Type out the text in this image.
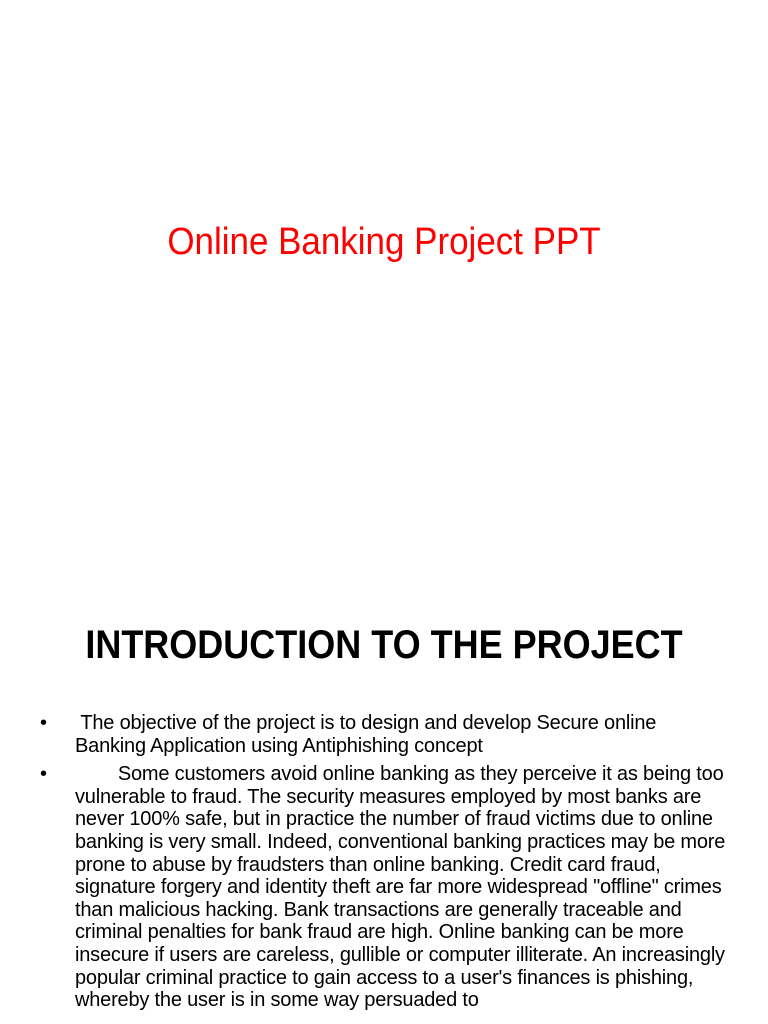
Online Banking Project PPT
INTRODUCTION TO THE PROJECT
•	The objective of the project is to design and develop Secure online Banking Application using Antiphishing concept
•	Some customers avoid online banking as they perceive it as being too vulnerable to fraud. The security measures employed by most banks are never 100% safe, but in practice the number of fraud victims due to online banking is very small. Indeed, conventional banking practices may be more prone to abuse by fraudsters than online banking. Credit card fraud, signature forgery and identity theft are far more widespread "offline" crimes than malicious hacking. Bank transactions are generally traceable and criminal penalties for bank fraud are high. Online banking can be more insecure if users are careless, gullible or computer illiterate. An increasingly popular criminal practice to gain access to a user's finances is phishing, whereby the user is in some way persuaded to
